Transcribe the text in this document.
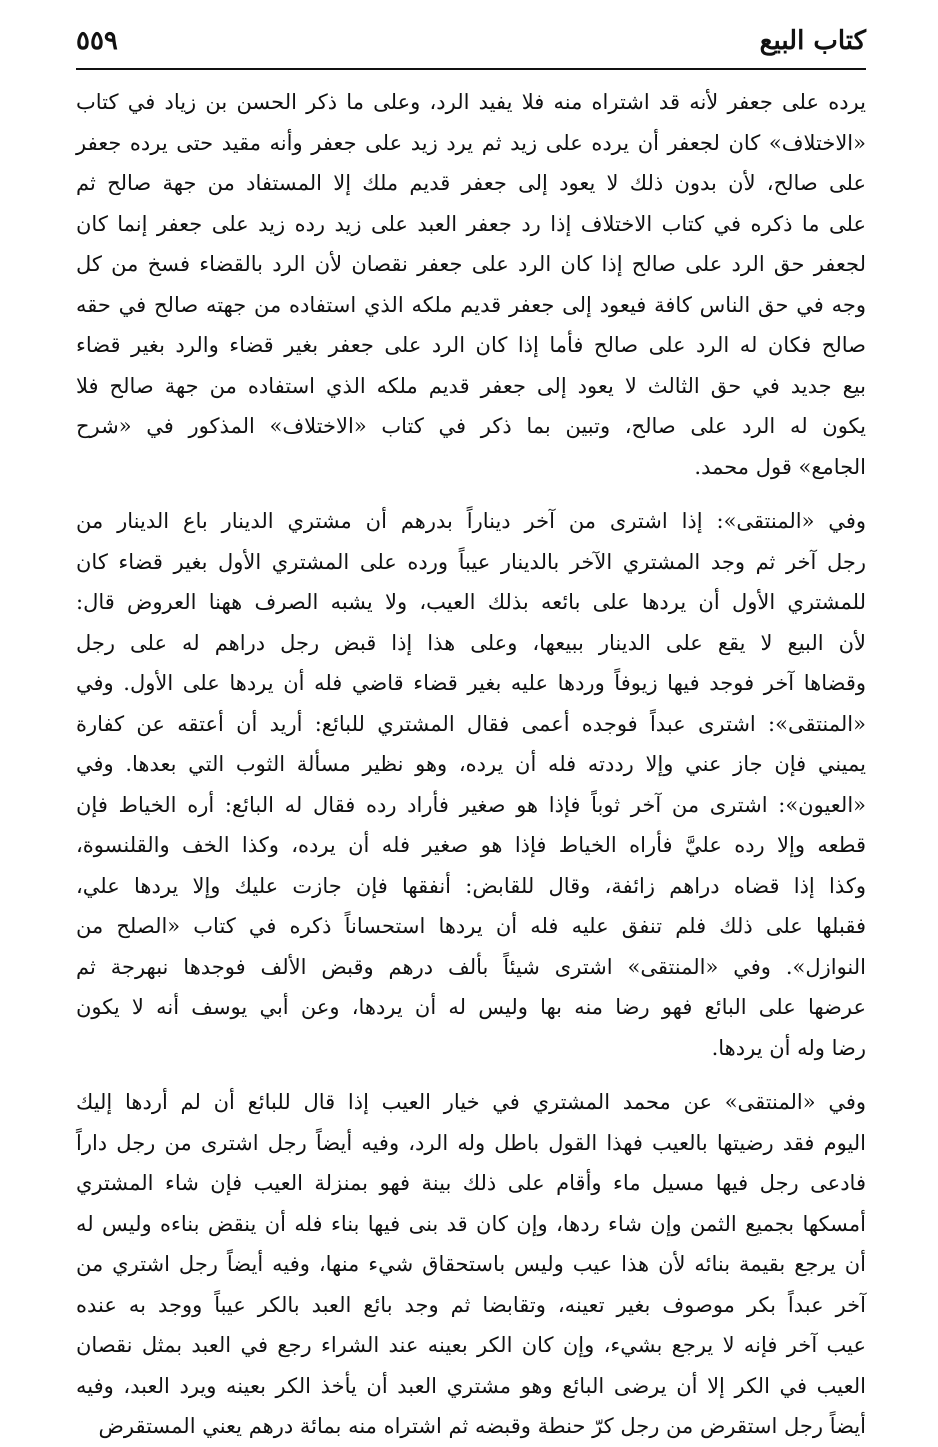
٥٥٩	كتاب البيع

يرده على جعفر لأنه قد اشتراه منه فلا يفيد الرد، وعلى ما ذكر الحسن بن زياد في كتاب
«الاختلاف» كان لجعفر أن يرده على زيد ثم يرد زيد على جعفر وأنه مقيد حتى يرده جعفر
على صالح، لأن بدون ذلك لا يعود إلى جعفر قديم ملك إلا المستفاد من جهة صالح ثم
على ما ذكره في كتاب الاختلاف إذا رد جعفر العبد على زيد رده زيد على جعفر إنما كان
لجعفر حق الرد على صالح إذا كان الرد على جعفر نقصان لأن الرد بالقضاء فسخ من كل
وجه في حق الناس كافة فيعود إلى جعفر قديم ملكه الذي استفاده من جهته صالح في حقه
صالح فكان له الرد على صالح فأما إذا كان الرد على جعفر بغير قضاء والرد بغير قضاء
بيع جديد في حق الثالث لا يعود إلى جعفر قديم ملكه الذي استفاده من جهة صالح فلا
يكون له الرد على صالح، وتبين بما ذكر في كتاب «الاختلاف» المذكور في «شرح
الجامع» قول محمد.

وفي «المنتقى»: إذا اشترى من آخر ديناراً بدرهم أن مشتري الدينار باع الدينار من
رجل آخر ثم وجد المشتري الآخر بالدينار عيباً ورده على المشتري الأول بغير قضاء كان
للمشتري الأول أن يردها على بائعه بذلك العيب، ولا يشبه الصرف ههنا العروض قال:
لأن البيع لا يقع على الدينار ببيعها، وعلى هذا إذا قبض رجل دراهم له على رجل
وقضاها آخر فوجد فيها زيوفاً وردها عليه بغير قضاء قاضي فله أن يردها على الأول. وفي
«المنتقى»: اشترى عبداً فوجده أعمى فقال المشتري للبائع: أريد أن أعتقه عن كفارة
يميني فإن جاز عني وإلا رددته فله أن يرده، وهو نظير مسألة الثوب التي بعدها. وفي
«العيون»: اشترى من آخر ثوباً فإذا هو صغير فأراد رده فقال له البائع: أره الخياط فإن
قطعه وإلا رده عليَّ فأراه الخياط فإذا هو صغير فله أن يرده، وكذا الخف والقلنسوة،
وكذا إذا قضاه دراهم زائفة، وقال للقابض: أنفقها فإن جازت عليك وإلا يردها علي،
فقبلها على ذلك فلم تنفق عليه فله أن يردها استحساناً ذكره في كتاب «الصلح من
النوازل». وفي «المنتقى» اشترى شيئاً بألف درهم وقبض الألف فوجدها نبهرجة ثم
عرضها على البائع فهو رضا منه بها وليس له أن يردها، وعن أبي يوسف أنه لا يكون
رضا وله أن يردها.

وفي «المنتقى» عن محمد المشتري في خيار العيب إذا قال للبائع أن لم أردها إليك
اليوم فقد رضيتها بالعيب فهذا القول باطل وله الرد، وفيه أيضاً رجل اشترى من رجل داراً
فادعى رجل فيها مسيل ماء وأقام على ذلك بينة فهو بمنزلة العيب فإن شاء المشتري
أمسكها بجميع الثمن وإن شاء ردها، وإن كان قد بنى فيها بناء فله أن ينقض بناءه وليس له
أن يرجع بقيمة بنائه لأن هذا عيب وليس باستحقاق شيء منها، وفيه أيضاً رجل اشتري من
آخر عبداً بكر موصوف بغير تعينه، وتقابضا ثم وجد بائع العبد بالكر عيباً ووجد به عنده
عيب آخر فإنه لا يرجع بشيء، وإن كان الكر بعينه عند الشراء رجع في العبد بمثل نقصان
العيب في الكر إلا أن يرضى البائع وهو مشتري العبد أن يأخذ الكر بعينه ويرد العبد، وفيه
أيضاً رجل استقرض من رجل كرّ حنطة وقبضه ثم اشتراه منه بمائة درهم يعني المستقرض
